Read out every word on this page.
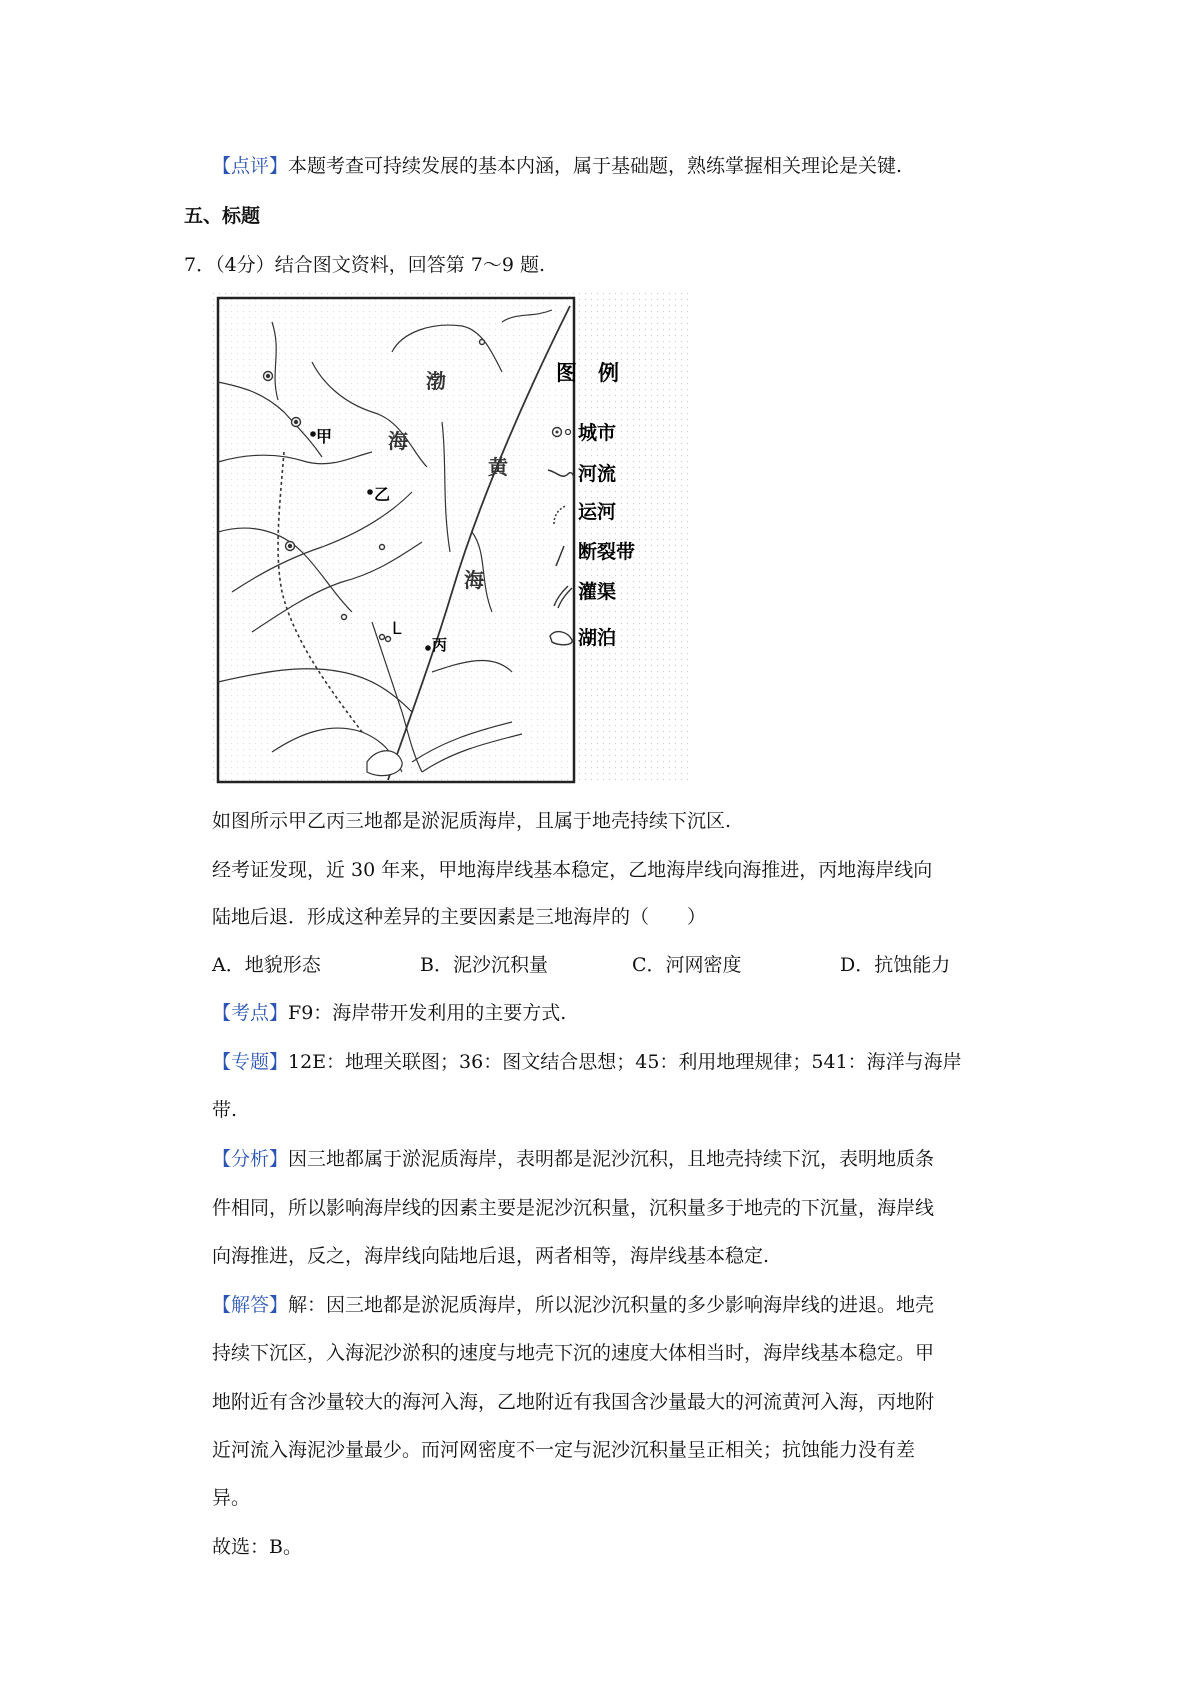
【点评】本题考查可持续发展的基本内涵，属于基础题，熟练掌握相关理论是关键.
五、标题
7．（4分）结合图文资料，回答第 7～9 题.
甲
乙
丙
L
渤
海
黄
海
图　例
城市
河流
运河
断裂带
灌渠
湖泊
如图所示甲乙丙三地都是淤泥质海岸，且属于地壳持续下沉区.
经考证发现，近 30 年来，甲地海岸线基本稳定，乙地海岸线向海推进，丙地海岸线向
陆地后退．形成这种差异的主要因素是三地海岸的（　　）
A．地貌形态	B．泥沙沉积量	C．河网密度	D．抗蚀能力
【考点】F9：海岸带开发利用的主要方式.
【专题】12E：地理关联图；36：图文结合思想；45：利用地理规律；541：海洋与海岸
带.
【分析】因三地都属于淤泥质海岸，表明都是泥沙沉积，且地壳持续下沉，表明地质条
件相同，所以影响海岸线的因素主要是泥沙沉积量，沉积量多于地壳的下沉量，海岸线
向海推进，反之，海岸线向陆地后退，两者相等，海岸线基本稳定.
【解答】解：因三地都是淤泥质海岸，所以泥沙沉积量的多少影响海岸线的进退。地壳
持续下沉区，入海泥沙淤积的速度与地壳下沉的速度大体相当时，海岸线基本稳定。甲
地附近有含沙量较大的海河入海，乙地附近有我国含沙量最大的河流黄河入海，丙地附
近河流入海泥沙量最少。而河网密度不一定与泥沙沉积量呈正相关；抗蚀能力没有差
异。
故选：B。
